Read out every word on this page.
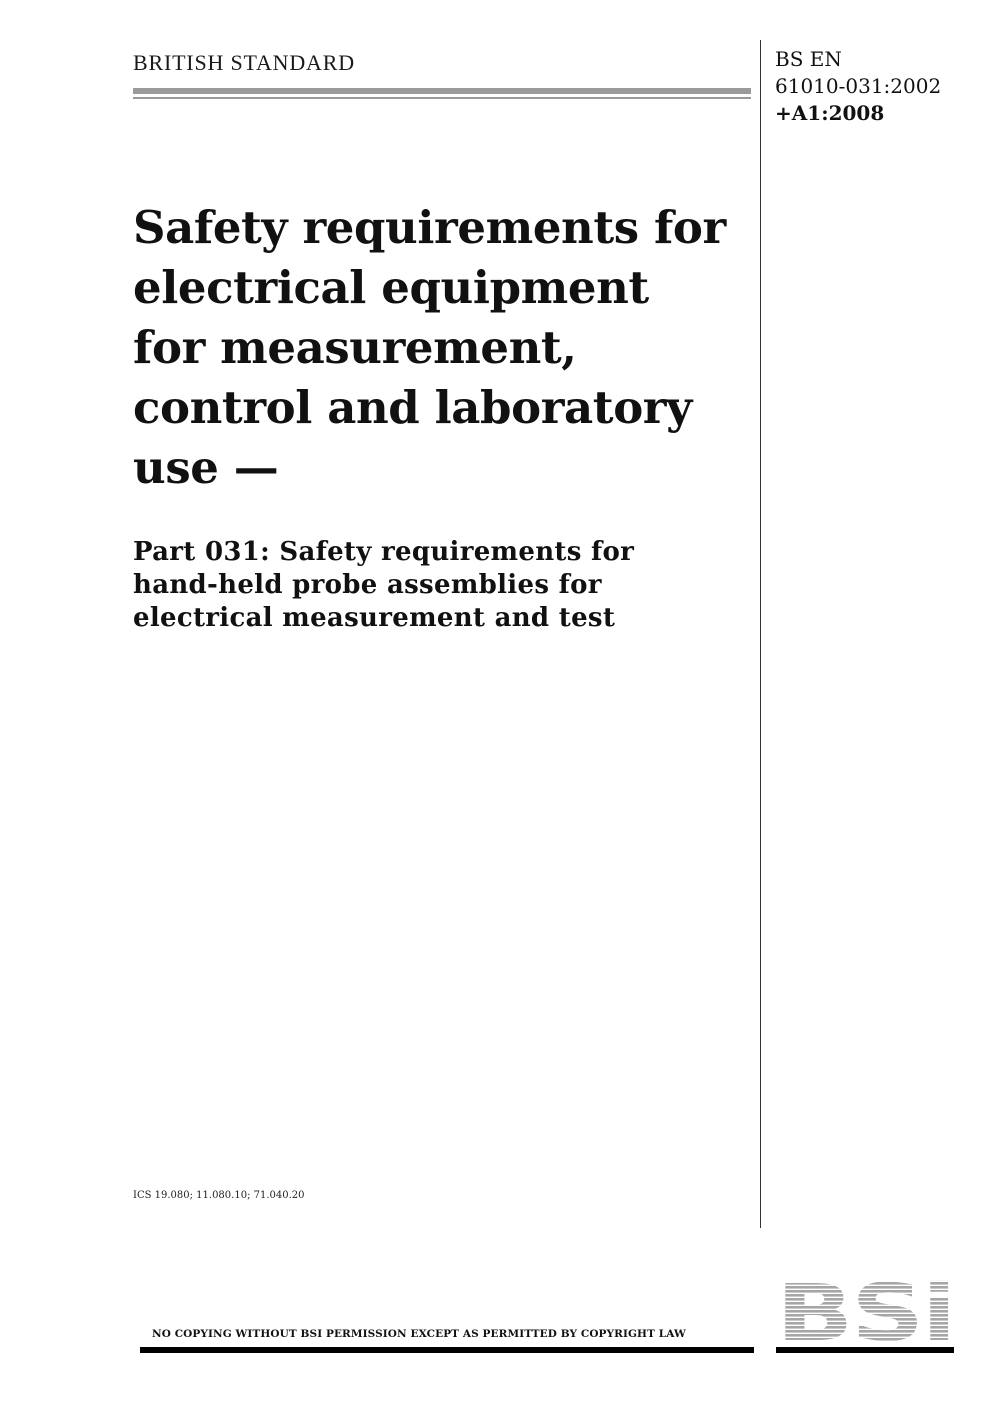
BRITISH STANDARD	BS EN
61010-031:2002
+A1:2008
Safety requirements for
electrical equipment
for measurement,
control and laboratory
use —
Part 031: Safety requirements for
hand-held probe assemblies for
electrical measurement and test
ICS 19.080; 11.080.10; 71.040.20
NO COPYING WITHOUT BSI PERMISSION EXCEPT AS PERMITTED BY COPYRIGHT LAW BSi
